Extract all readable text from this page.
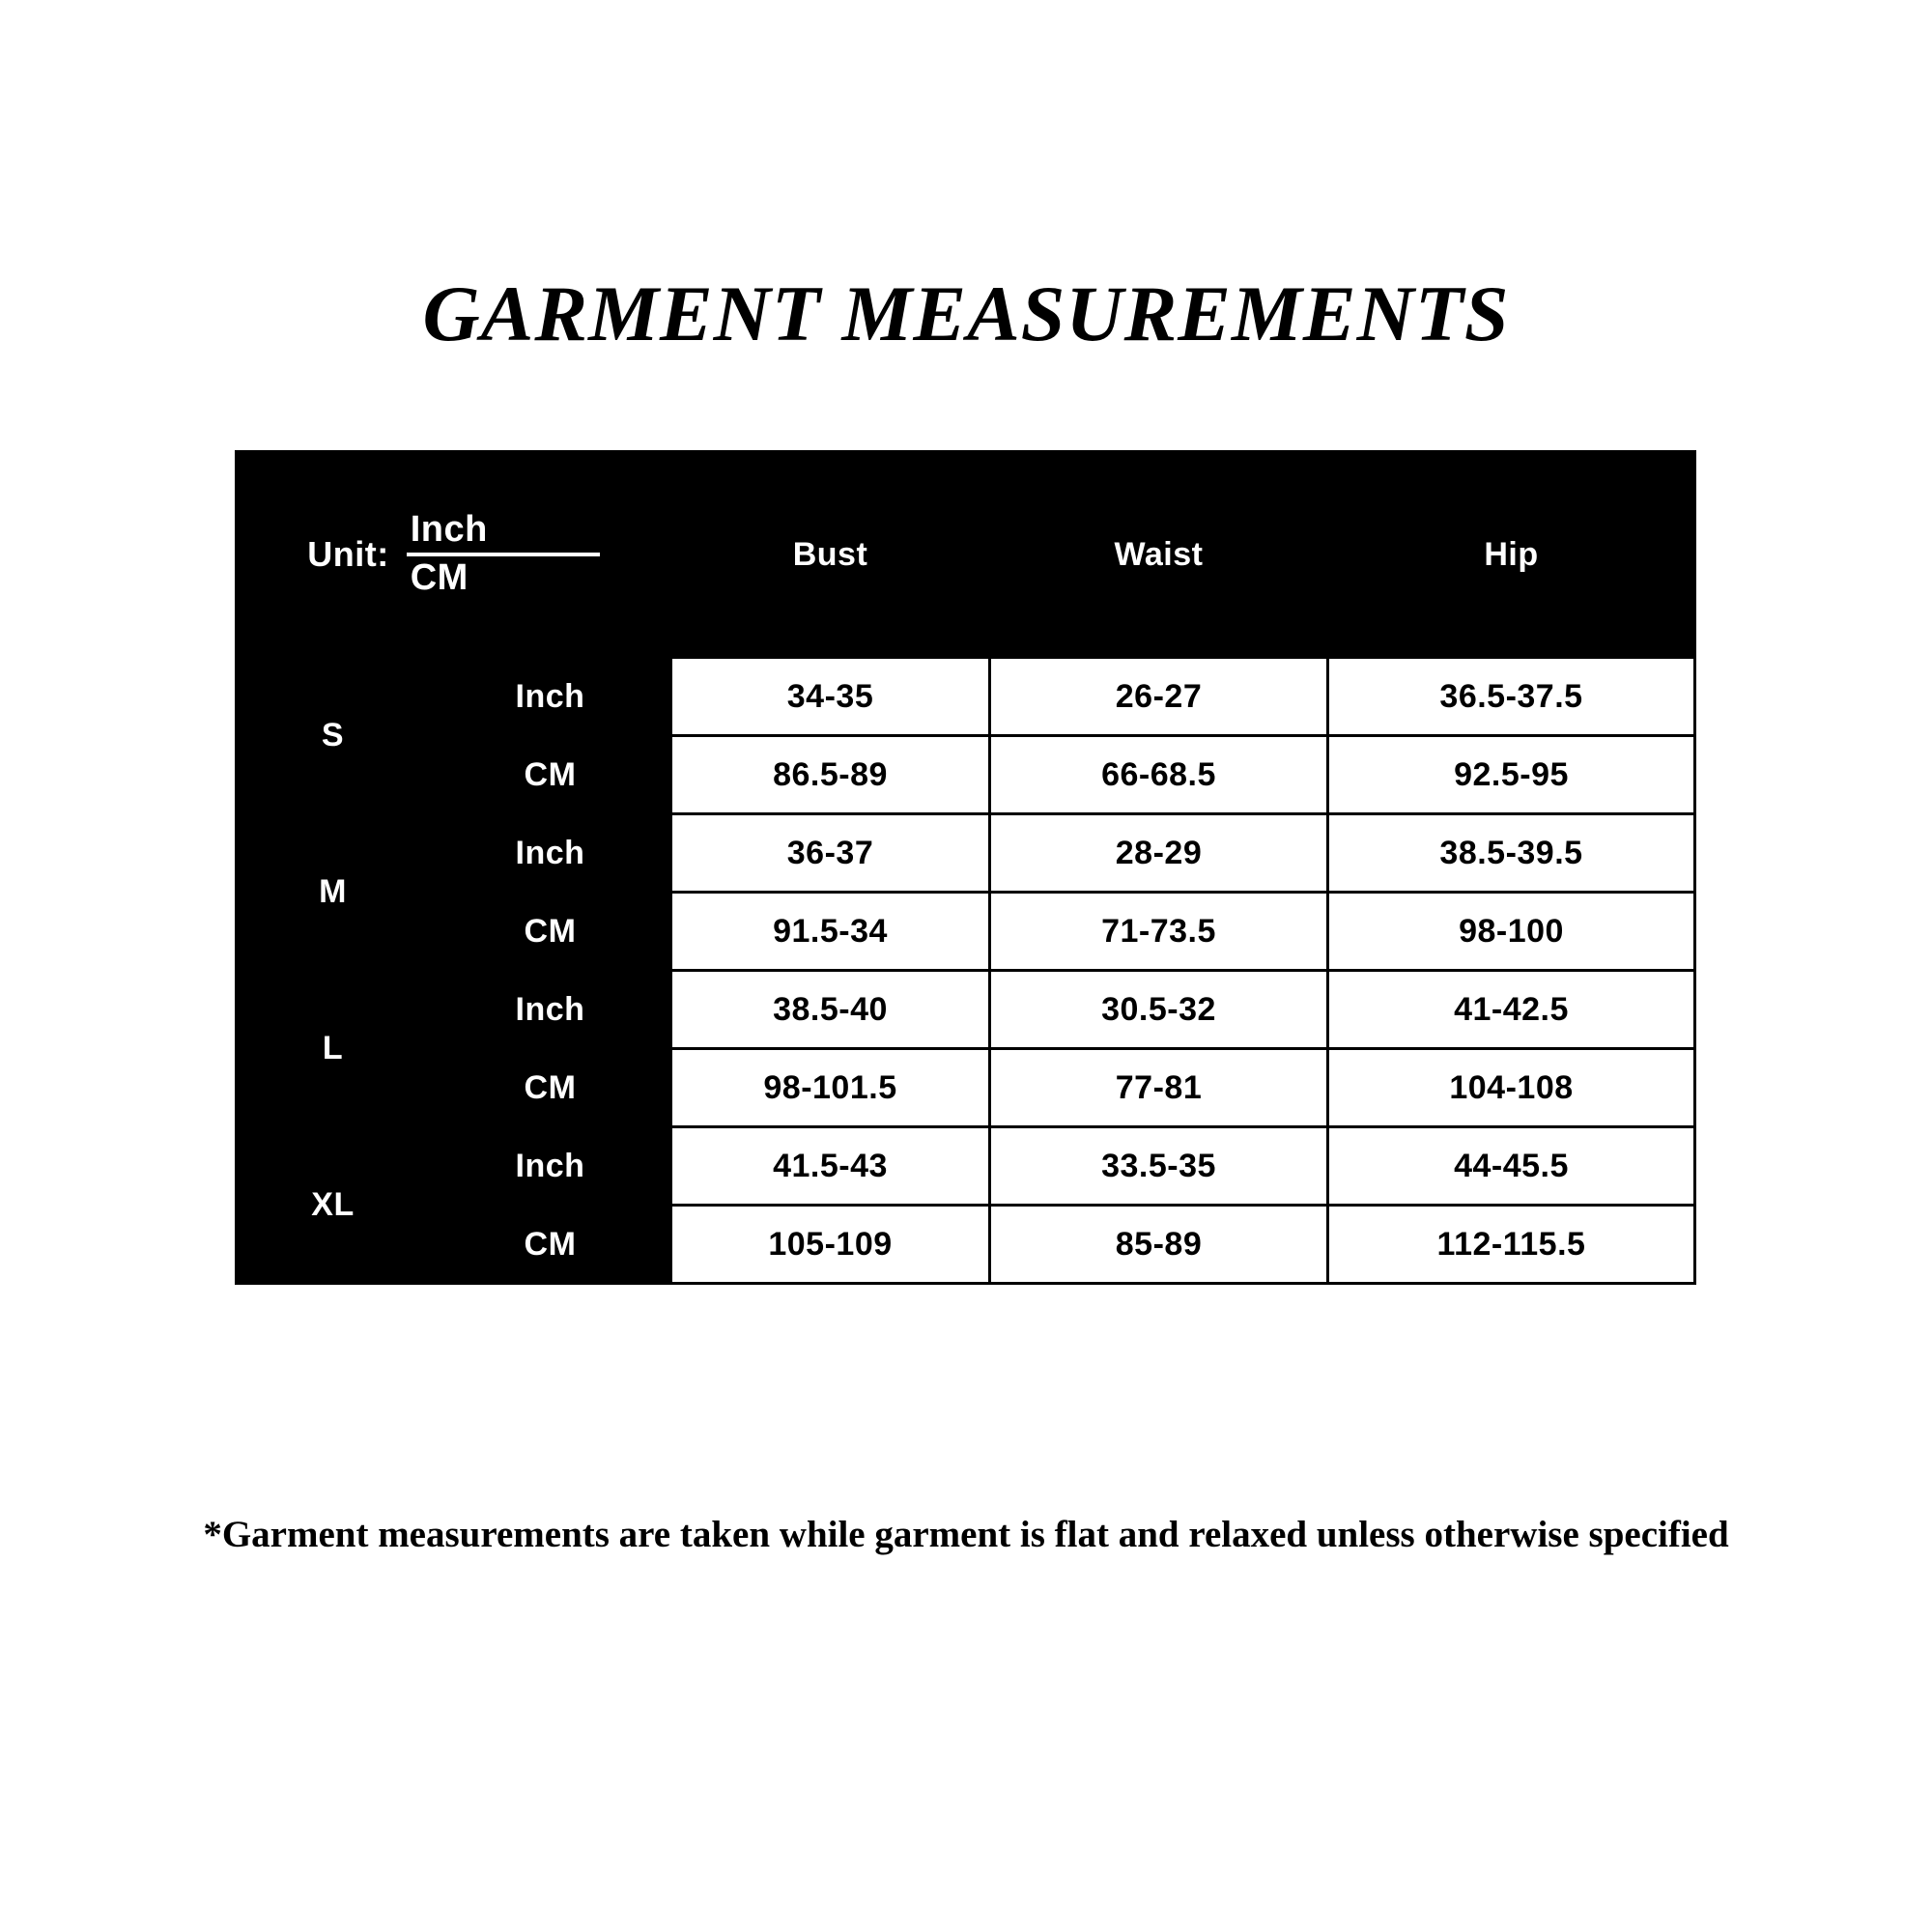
GARMENT MEASUREMENTS
Unit: $\frac{\text{Inch}}{CM}$		Bust	Waist	Hip
S	Inch	34-35	26-27	36.5-37.5
	CM	86.5-89	66-68.5	92.5-95
M	Inch	36-37	28-29	38.5-39.5
	CM	91.5-34	71-73.5	98-100
L	Inch	38.5-40	30.5-32	41-42.5
	CM	98-101.5	77-81	104-108
XL	Inch	41.5-43	33.5-35	44-45.5
	CM	105-109	85-89	112-115.5
*Garment measurements are taken while garment is flat and relaxed unless otherwise specified
